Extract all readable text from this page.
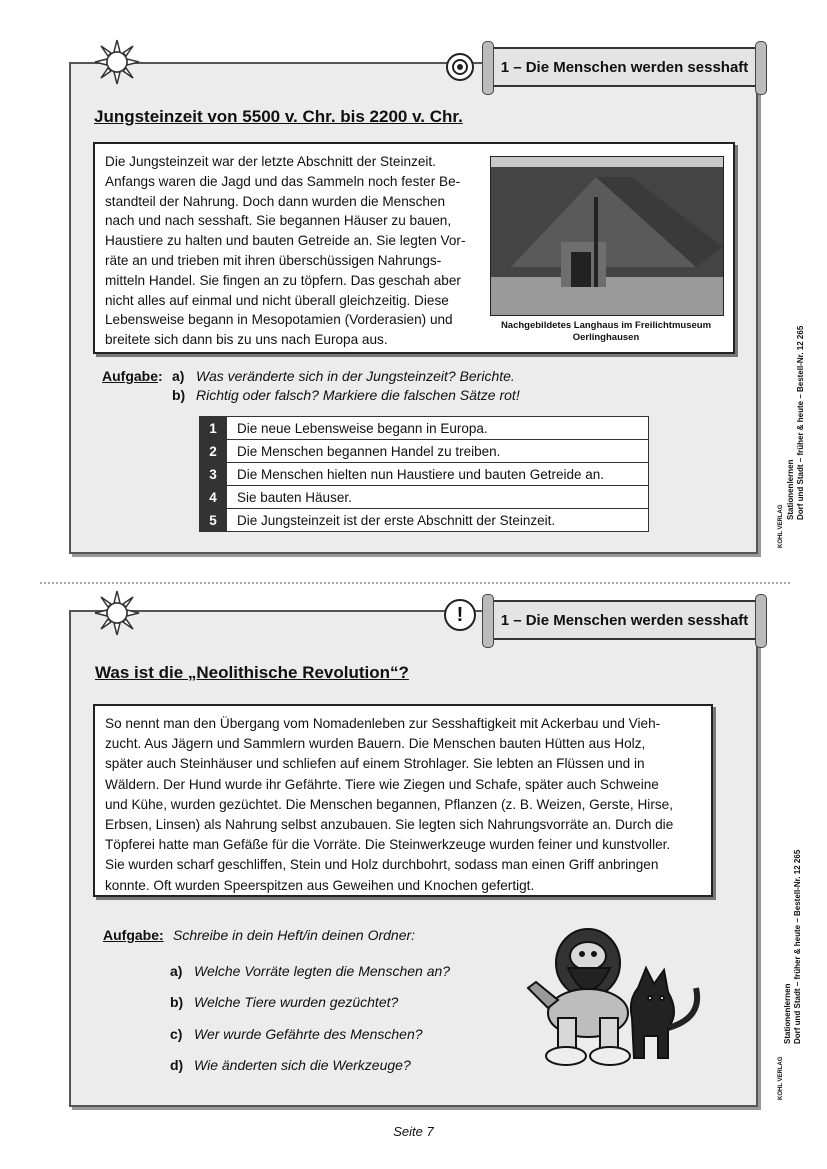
1 – Die Menschen werden sesshaft
Jungsteinzeit von 5500 v. Chr. bis 2200 v. Chr.
Die Jungsteinzeit war der letzte Abschnitt der Steinzeit.
Anfangs waren die Jagd und das Sammeln noch fester Be-
standteil der Nahrung. Doch dann wurden die Menschen
nach und nach sesshaft. Sie begannen Häuser zu bauen,
Haustiere zu halten und bauten Getreide an. Sie legten Vor-
räte an und trieben mit ihren überschüssigen Nahrungs-
mitteln Handel. Sie fingen an zu töpfern. Das geschah aber
nicht alles auf einmal und nicht überall gleichzeitig. Diese
Lebensweise begann in Mesopotamien (Vorderasien) und
breitete sich dann bis zu uns nach Europa aus.
Nachgebildetes Langhaus im Freilichtmuseum
Oerlinghausen
Aufgabe : a) Was veränderte sich in der Jungsteinzeit? Berichte.
b) Richtig oder falsch? Markiere die falschen Sätze rot!
1	Die neue Lebensweise begann in Europa.
2	Die Menschen begannen Handel zu treiben.
3	Die Menschen hielten nun Haustiere und bauten Getreide an.
4	Sie bauten Häuser.
5	Die Jungsteinzeit ist der erste Abschnitt der Steinzeit.	Stationenlernen Dorf und Stadt – früher & heute – Bestell-Nr. 12 265
KOHL VERLAG
!	1 – Die Menschen werden sesshaft
Was ist die „Neolithische Revolution“?
So nennt man den Übergang vom Nomadenleben zur Sesshaftigkeit mit Ackerbau und Vieh-
zucht. Aus Jägern und Sammlern wurden Bauern. Die Menschen bauten Hütten aus Holz,
später auch Steinhäuser und schliefen auf einem Strohlager. Sie lebten an Flüssen und in
Wäldern. Der Hund wurde ihr Gefährte. Tiere wie Ziegen und Schafe, später auch Schweine
und Kühe, wurden gezüchtet. Die Menschen begannen, Pflanzen (z. B. Weizen, Gerste, Hirse,
Erbsen, Linsen) als Nahrung selbst anzubauen. Sie legten sich Nahrungsvorräte an. Durch die
Töpferei hatte man Gefäße für die Vorräte. Die Steinwerkzeuge wurden feiner und kunstvoller.
Sie wurden scharf geschliffen, Stein und Holz durchbohrt, sodass man einen Griff anbringen
konnte. Oft wurden Speerspitzen aus Geweihen und Knochen gefertigt.
Aufgabe: Schreibe in dein Heft/in deinen Ordner:
a) Welche Vorräte legten die Menschen an?
b) Welche Tiere wurden gezüchtet?
c) Wer wurde Gefährte des Menschen?
d) Wie änderten sich die Werkzeuge?
Stationenlernen Dorf und Stadt – früher & heute – Bestell-Nr. 12 265
KOHL VERLAG
Seite 7
